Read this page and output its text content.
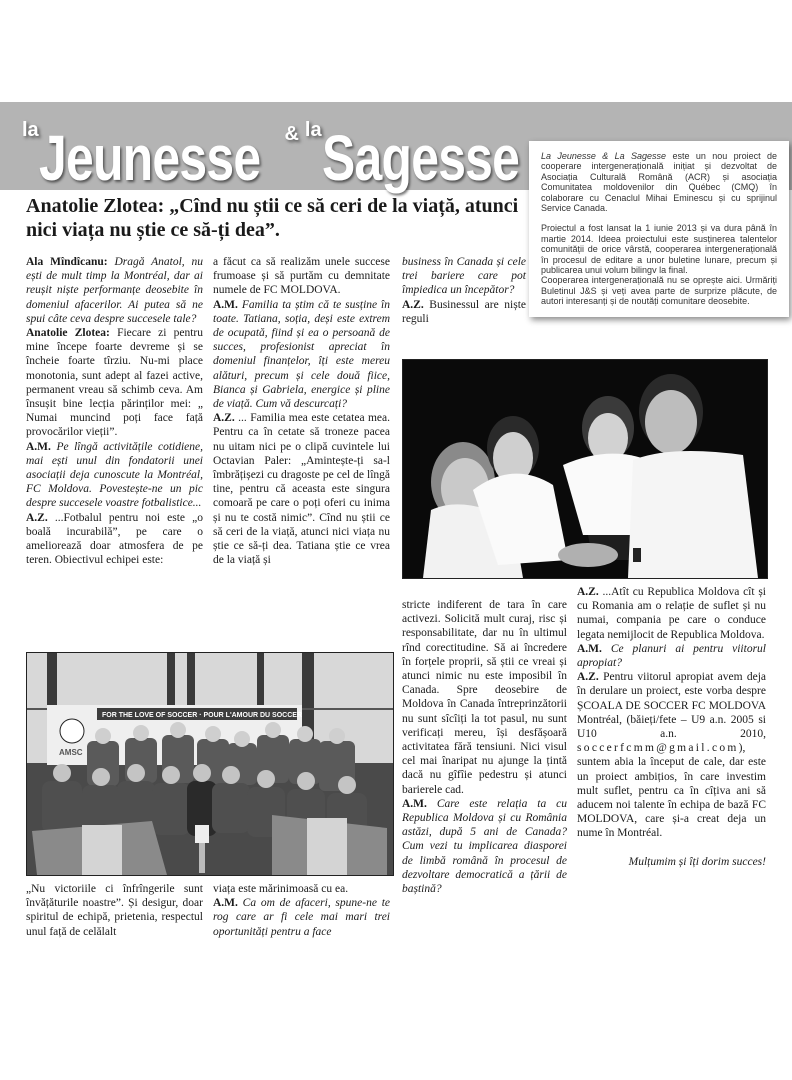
la Jeunesse & la Sagesse
Anatolie Zlotea: „Cînd nu știi ce să ceri de la viață, atunci nici viața nu știe ce să-ți dea”.

La Jeunesse & La Sagesse este un nou proiect de cooperare intergenerațională inițiat și dezvoltat de Asociația Culturală Română (ACR) și asociația Comunitatea moldovenilor din Québec (CMQ) în colaborare cu Cenaclul Mihai Eminescu și cu sprijinul Service Canada.

Proiectul a fost lansat la 1 iunie 2013 și va dura până în martie 2014. Ideea proiectului este susținerea talentelor comunității de orice vârstă, cooperarea intergenerațională în procesul de editare a unor buletine lunare, precum și publicarea unui volum bilingv la final.

Cooperarea intergenerațională nu se oprește aici. Urmăriți Buletinul J&S și veți avea parte de surprize plăcute, de autori interesanți și de noutăți comunitare deosebite.

Ala Mîndîcanu: Dragă Anatol, nu ești de mult timp la Montréal, dar ai reușit niște performanțe deosebite în domeniul afacerilor. Ai putea să ne spui câte ceva despre succesele tale?

Anatolie Zlotea: Fiecare zi pentru mine începe foarte devreme și se încheie foarte tîrziu. Nu-mi place monotonia, sunt adept al fazei active, permanent vreau să schimb ceva. Am însușit bine lecția părinților mei: „ Numai muncind poți face față provocărilor vieții”.

A.M. Pe lîngă activitățile cotidiene, mai ești unul din fondatorii unei asociații deja cunoscute la Montréal, FC Moldova. Povestește-ne un pic despre succesele voastre fotbalistice...

A.Z. ...Fotbalul pentru noi este „o boală incurabilă”, pe care o ameliorează doar atmosfera de pe teren. Obiectivul echipei este:

a făcut ca să realizăm unele succese frumoase și să purtăm cu demnitate numele de FC MOLDOVA.

A.M. Familia ta știm că te susține în toate. Tatiana, soția, deși este extrem de ocupată, fiind și ea o persoană de succes, profesionist apreciat în domeniul finanțelor, îți este mereu alături, precum și cele două fiice, Bianca și Gabriela, energice și pline de viață. Cum vă descurcați?

A.Z. ... Familia mea este cetatea mea. Pentru ca în cetate să troneze pacea nu uitam nici pe o clipă cuvintele lui Octavian Paler: „Amintește-ți sa-l îmbrățișezi cu dragoste pe cel de lîngă tine, pentru că aceasta este singura comoară pe care o poți oferi cu inima și nu te costă nimic”. Cînd nu știi ce să ceri de la viață, atunci nici viața nu știe ce să-ți dea. Tatiana știe ce vrea de la viață și

business în Canada și cele trei bariere care pot împiedica un începător?

A.Z. Businessul are niște reguli

stricte indiferent de tara în care activezi. Solicită mult curaj, risc și responsabilitate, dar nu în ultimul rînd corectitudine. Să ai încredere în forțele proprii, să știi ce vreai și atunci nimic nu este imposibil în Canada. Spre deosebire de Moldova în Canada întreprinzătorii nu sunt sîcîiți la tot pasul, nu sunt verificați mereu, își desfășoară activitatea fără tensiuni. Nici visul cel mai înaripat nu ajunge la țintă dacă nu gîfîie pedestru și atunci barierele cad.

A.M. Care este relația ta cu Republica Moldova și cu România astăzi, după 5 ani de Canada? Cum vezi tu implicarea diasporei de limbă română în procesul de dezvoltare democratică a țării de baștină?

A.Z. ...Atît cu Republica Moldova cît și cu Romania am o relație de suflet și nu numai, compania pe care o conduce legata nemijlocit de Republica Moldova.
A.M. Ce planuri ai pentru viitorul apropiat?
A.Z. Pentru viitorul apropiat avem deja în derulare un proiect, este vorba despre ȘCOALA DE SOCCER FC MOLDOVA Montréal, (băieți/fete – U9 a.n. 2005 si U10 a.n. 2010, soccerfcmm@gmail.com), suntem abia la început de cale, dar este un proiect ambițios, în care investim mult suflet, pentru ca în cîțiva ani să aducem noi talente în echipa de bază FC MOLDOVA, care și-a creat deja un nume în Montréal.

Mulțumim și îți dorim succes!

FOR THE LOVE OF SOCCER · POUR L'AMOUR DU SOCCER
AMSC

„Nu victoriile ci înfrîngerile sunt învățăturile noastre”. Și desigur, doar spiritul de echipă, prietenia, respectul unul față de celălalt

viața este mărinimoasă cu ea.

A.M. Ca om de afaceri, spune-ne te rog care ar fi cele mai mari trei oportunități pentru a face
